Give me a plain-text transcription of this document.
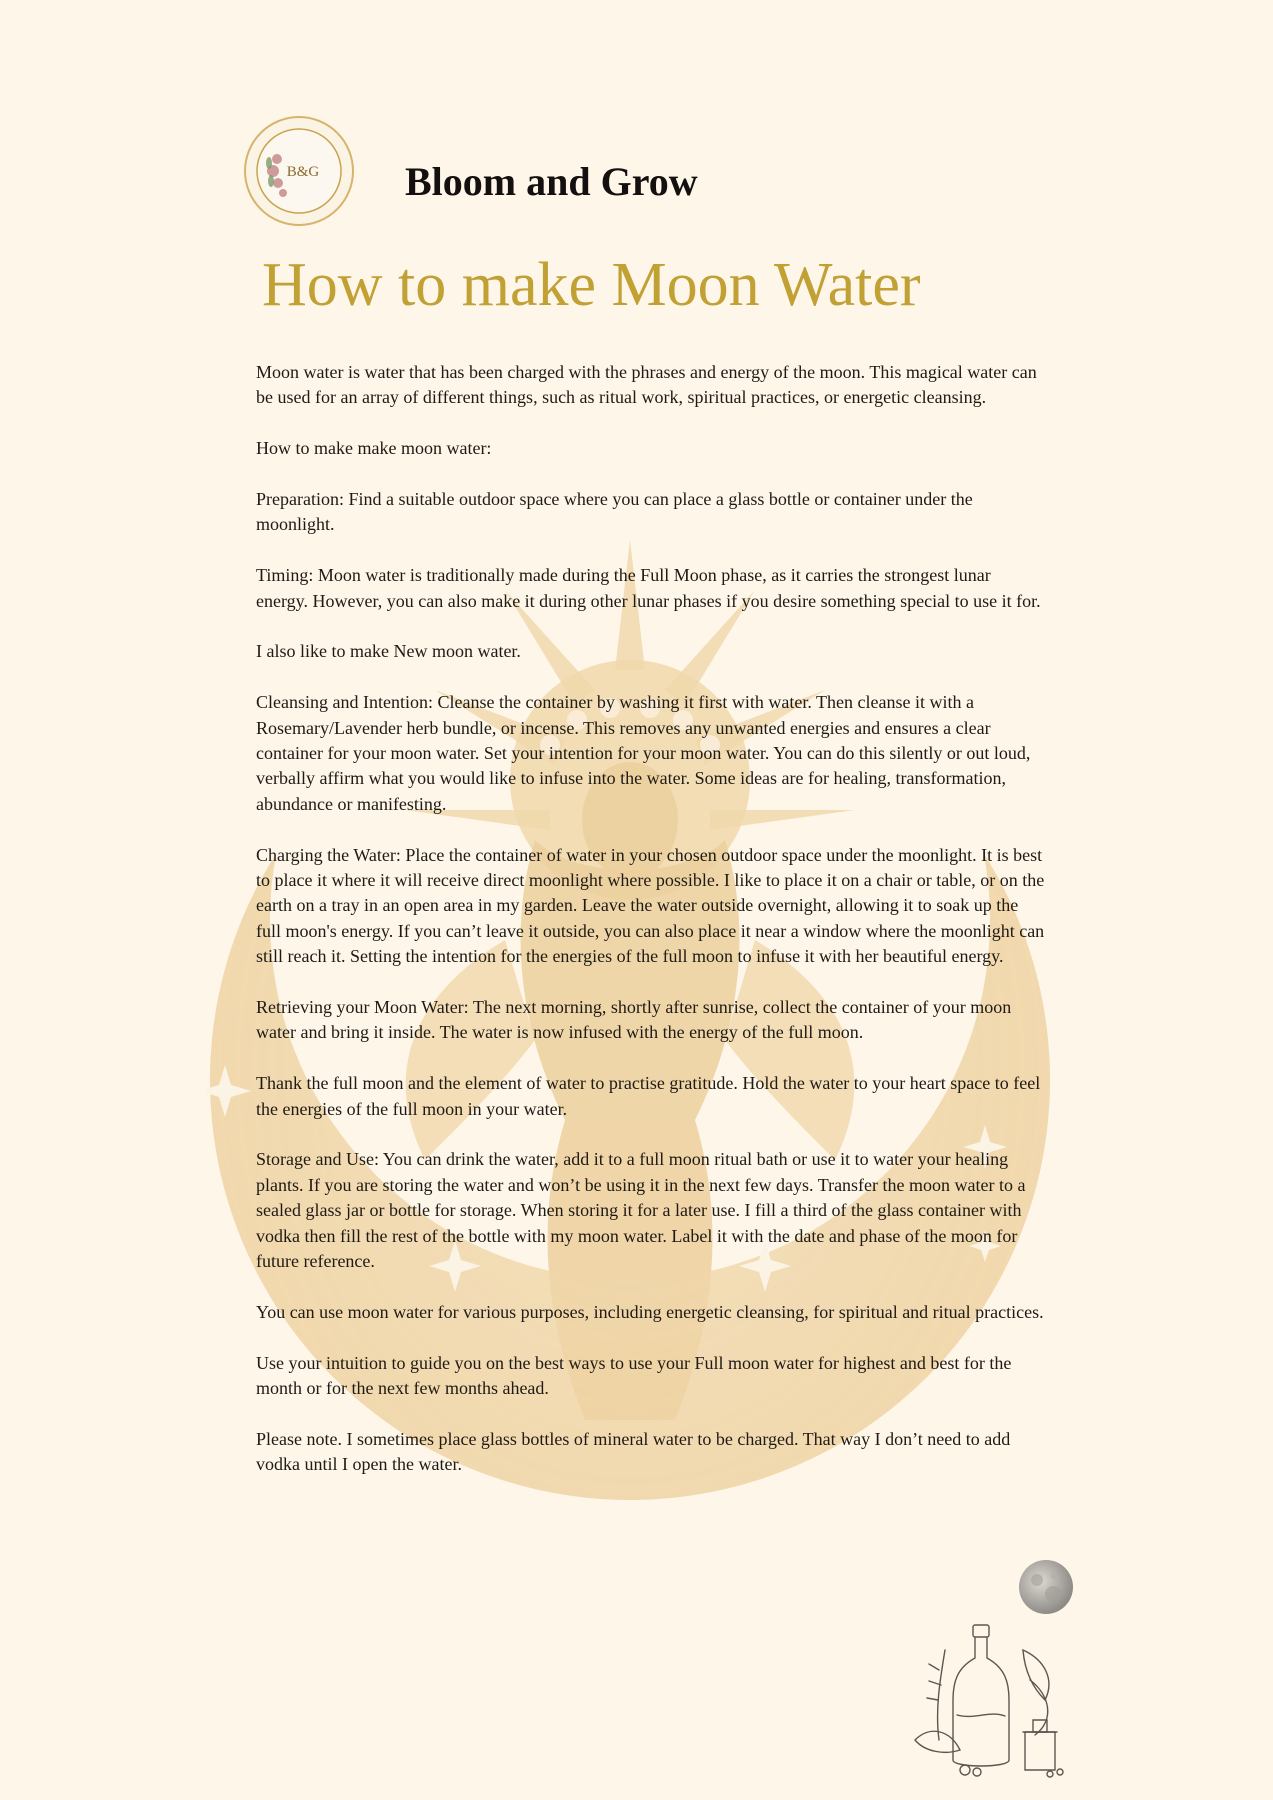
B&G Bloom and Grow
How to make Moon Water

Moon water is water that has been charged with the phrases and energy of the moon. This magical water can be used for an array of different things, such as ritual work, spiritual practices, or energetic cleansing.

How to make make moon water:

Preparation: Find a suitable outdoor space where you can place a glass bottle or container under the moonlight.

Timing: Moon water is traditionally made during the Full Moon phase, as it carries the strongest lunar energy. However, you can also make it during other lunar phases if you desire something special to use it for.

I also like to make New moon water.

Cleansing and Intention: Cleanse the container by washing it first with water. Then cleanse it with a Rosemary/Lavender herb bundle, or incense. This removes any unwanted energies and ensures a clear container for your moon water. Set your intention for your moon water. You can do this silently or out loud, verbally affirm what you would like to infuse into the water. Some ideas are for healing, transformation, abundance or manifesting.

Charging the Water: Place the container of water in your chosen outdoor space under the moonlight. It is best to place it where it will receive direct moonlight where possible. I like to place it on a chair or table, or on the earth on a tray in an open area in my garden. Leave the water outside overnight, allowing it to soak up the full moon's energy. If you can’t leave it outside, you can also place it near a window where the moonlight can still reach it. Setting the intention for the energies of the full moon to infuse it with her beautiful energy.

Retrieving your Moon Water: The next morning, shortly after sunrise, collect the container of your moon water and bring it inside. The water is now infused with the energy of the full moon.

Thank the full moon and the element of water to practise gratitude. Hold the water to your heart space to feel the energies of the full moon in your water.

Storage and Use: You can drink the water, add it to a full moon ritual bath or use it to water your healing plants. If you are storing the water and won’t be using it in the next few days. Transfer the moon water to a sealed glass jar or bottle for storage. When storing it for a later use. I fill a third of the glass container with vodka then fill the rest of the bottle with my moon water. Label it with the date and phase of the moon for future reference.

You can use moon water for various purposes, including energetic cleansing, for spiritual and ritual practices.

Use your intuition to guide you on the best ways to use your Full moon water for highest and best for the month or for the next few months ahead.

Please note. I sometimes place glass bottles of mineral water to be charged. That way I don’t need to add vodka until I open the water.
